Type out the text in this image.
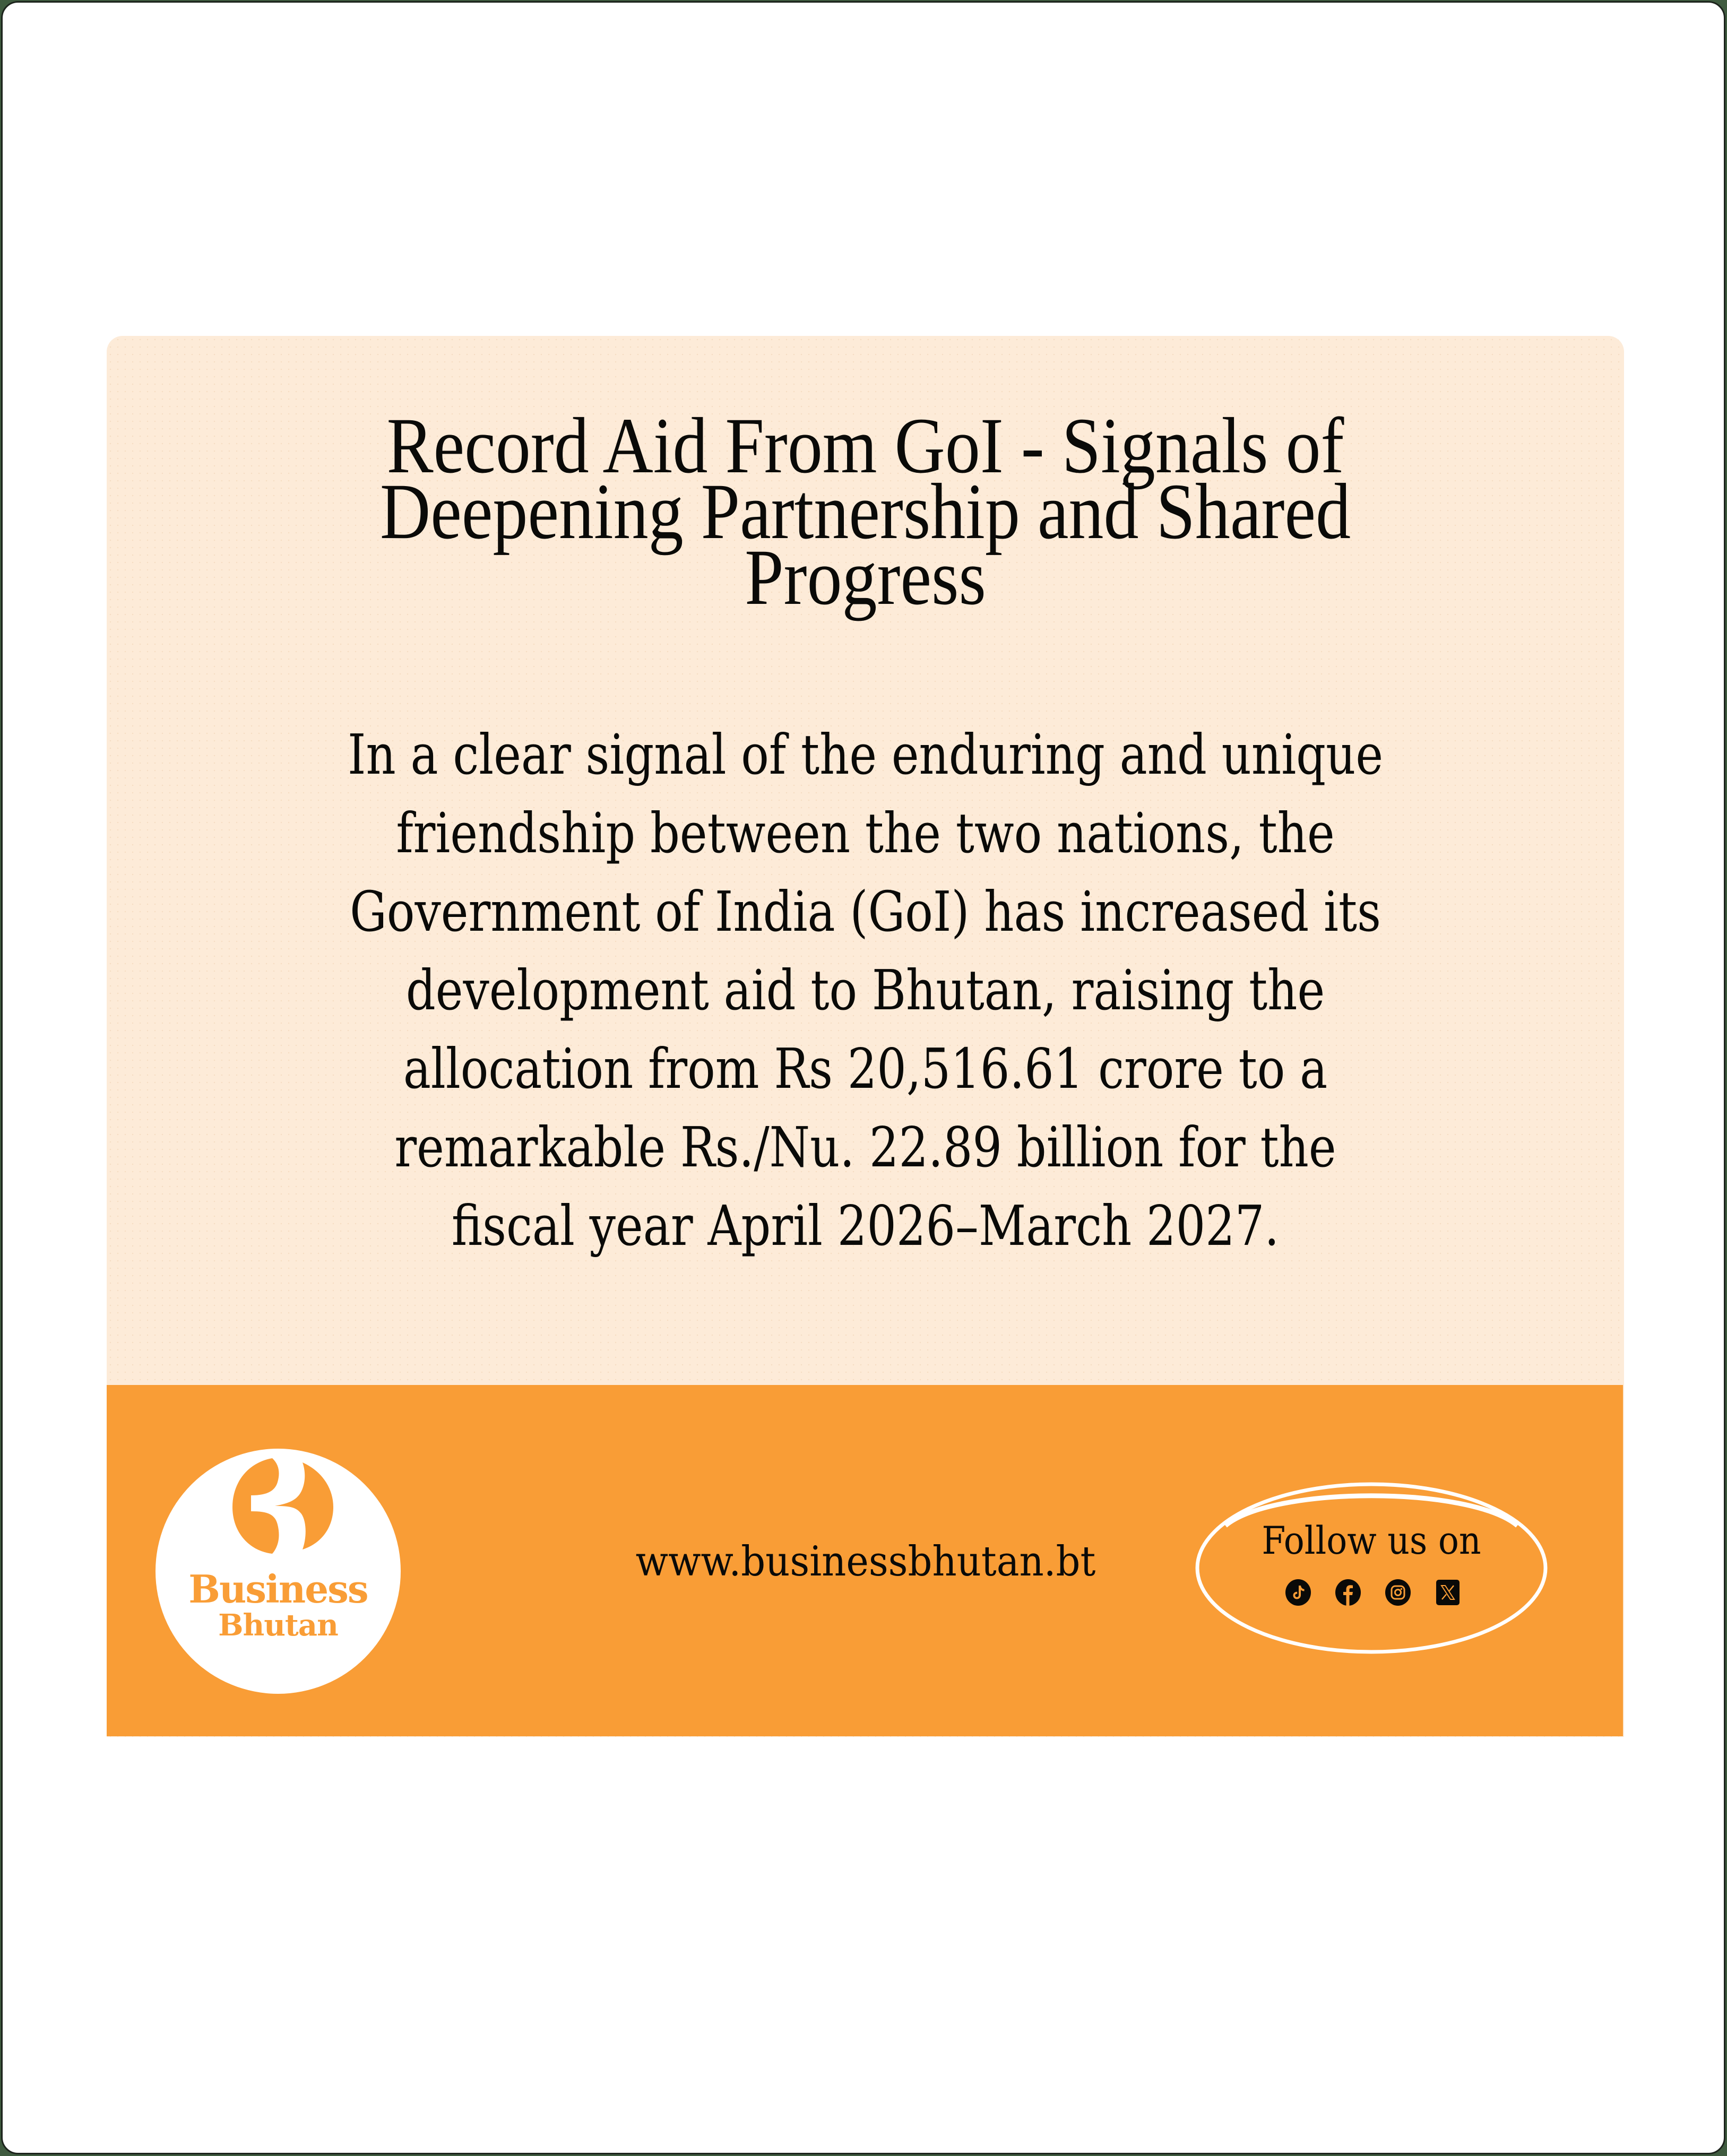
Record Aid From GoI - Signals of
Deepening Partnership and Shared
Progress

In a clear signal of the enduring and unique
friendship between the two nations, the
Government of India (GoI) has increased its
development aid to Bhutan, raising the
allocation from Rs 20,516.61 crore to a
remarkable Rs./Nu. 22.89 billion for the
fiscal year April 2026–March 2027.

Business
Bhutan
www.businessbhutan.bt	Follow us on
